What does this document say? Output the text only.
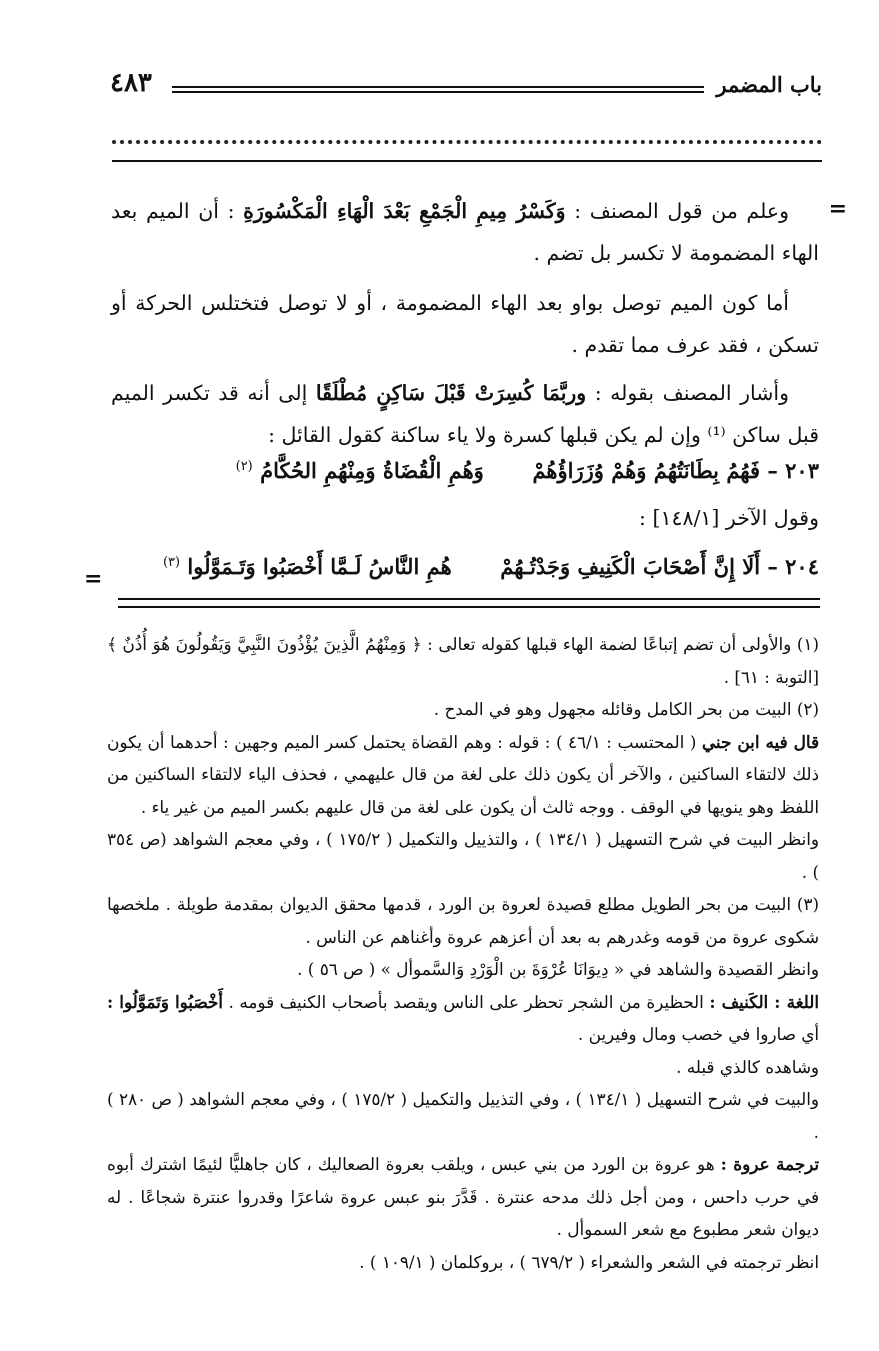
باب المضمر
٤٨٣
=

وعلم من قول المصنف : وَكَسْرُ مِيمِ الْجَمْعِ بَعْدَ الْهَاءِ الْمَكْسُورَةِ : أن الميم بعد الهاء المضمومة لا تكسر بل تضم .

أما كون الميم توصل بواو بعد الهاء المضمومة ، أو لا توصل فتختلس الحركة أو تسكن ، فقد عرف مما تقدم .

وأشار المصنف بقوله : وربَّمَا كُسِرَتْ قَبْلَ سَاكِنٍ مُطْلَقًا إلى أنه قد تكسر الميم قبل ساكن ⁽¹⁾ وإن لم يكن قبلها كسرة ولا ياء ساكنة كقول القائل :

٢٠٣ – فَهُمُ بِطَانَتُهُمُ وَهُمْ وُزَرَاؤُهُمْ  وَهُمِ الْقُضَاةُ وَمِنْهُمِ الحُكَّامُ $^{(٢)}$
وقول الآخر [١٤٨/١] :
٢٠٤ – أَلَا إِنَّ أَصْحَابَ الْكَنِيفِ وَجَدْتُـهُمْ  هُمِ النَّاسُ لَـمَّا أَخْصَبُوا وَتَـمَوَّلُوا $^{(٣)}$
=

(١) والأولى أن تضم إتباعًا لضمة الهاء قبلها كقوله تعالى : ﴿ وَمِنْهُمُ الَّذِينَ يُؤْذُونَ النَّبِيَّ وَيَقُولُونَ هُوَ أُذُنٌ ﴾ [التوبة : ٦١] .

(٢) البيت من بحر الكامل وقائله مجهول وهو في المدح .

قال فيه ابن جني ( المحتسب : ٤٦/١ ) : قوله : وهم القضاة يحتمل كسر الميم وجهين : أحدهما أن يكون ذلك لالتقاء الساكنين ، والآخر أن يكون ذلك على لغة من قال عليهمي ، فحذف الياء لالتقاء الساكنين من اللفظ وهو ينويها في الوقف . ووجه ثالث أن يكون على لغة من قال عليهم بكسر الميم من غير ياء .

وانظر البيت في شرح التسهيل ( ١٣٤/١ ) ، والتذييل والتكميل ( ١٧٥/٢ ) ، وفي معجم الشواهد (ص ٣٥٤ ) .

(٣) البيت من بحر الطويل مطلع قصيدة لعروة بن الورد ، قدمها محقق الديوان بمقدمة طويلة . ملخصها شكوى عروة من قومه وغدرهم به بعد أن أعزهم عروة وأغناهم عن الناس .

وانظر القصيدة والشاهد في « دِيوَانَا عُرْوَةَ بن الْوَرْدِ وَالسَّموأل » ( ص ٥٦ ) .

اللغة : الكَنيف : الحظيرة من الشجر تحظر على الناس ويقصد بأصحاب الكنيف قومه . أَخْصَبُوا وَتَمَوَّلُوا : أي صاروا في خصب ومال وفيرين .

وشاهده كالذي قبله .

والبيت في شرح التسهيل ( ١٣٤/١ ) ، وفي التذييل والتكميل ( ١٧٥/٢ ) ، وفي معجم الشواهد ( ص ٢٨٠ ) .

ترجمة عروة : هو عروة بن الورد من بني عبس ، ويلقب بعروة الصعاليك ، كان جاهليًّا لئيمًا اشترك أبوه في حرب داحس ، ومن أجل ذلك مدحه عنترة . قَدَّرَ بنو عبس عروة شاعرًا وقدروا عنترة شجاعًا . له ديوان شعر مطبوع مع شعر السموأل .

انظر ترجمته في الشعر والشعراء ( ٦٧٩/٢ ) ، بروكلمان ( ١٠٩/١ ) .
